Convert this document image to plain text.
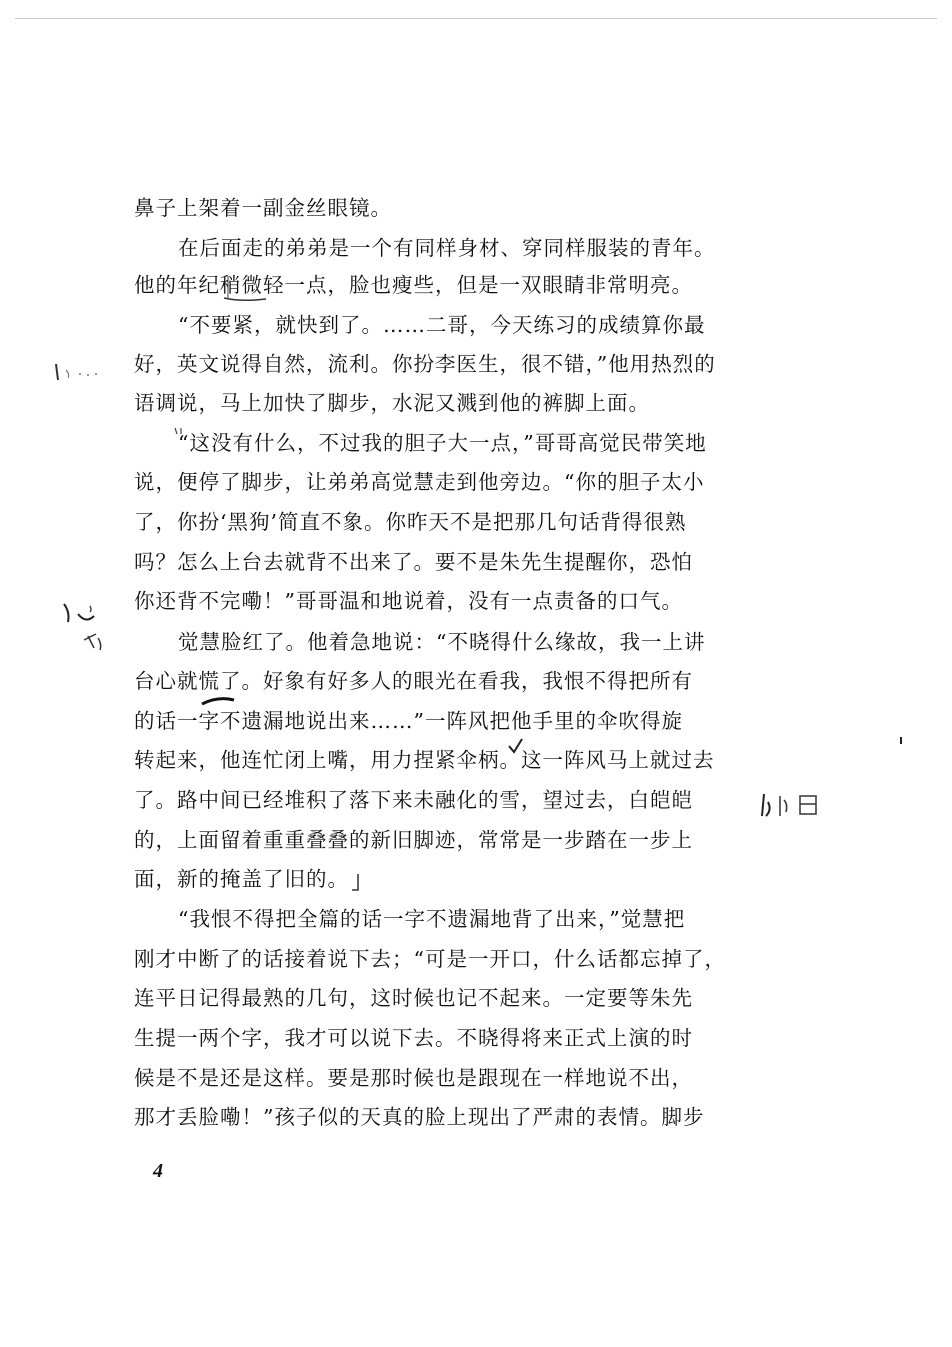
鼻子上架着一副金丝眼镜。
在后面走的弟弟是一个有同样身材、穿同样服装的青年。
他的年纪稍微轻一点，脸也瘦些，但是一双眼睛非常明亮。
“不要紧，就快到了。……二哥，今天练习的成绩算你最
好，英文说得自然，流利。你扮李医生，很不错，”他用热烈的
语调说，马上加快了脚步，水泥又溅到他的裤脚上面。
“这没有什么，不过我的胆子大一点，”哥哥高觉民带笑地
说，便停了脚步，让弟弟高觉慧走到他旁边。“你的胆子太小
了，你扮‘黑狗’简直不象。你昨天不是把那几句话背得很熟
吗？怎么上台去就背不出来了。要不是朱先生提醒你，恐怕
你还背不完嘞！”哥哥温和地说着，没有一点责备的口气。
觉慧脸红了。他着急地说：“不晓得什么缘故，我一上讲
台心就慌了。好象有好多人的眼光在看我，我恨不得把所有
的话一字不遗漏地说出来……”一阵风把他手里的伞吹得旋
转起来，他连忙闭上嘴，用力捏紧伞柄。这一阵风马上就过去
了。路中间已经堆积了落下来未融化的雪，望过去，白皑皑
的，上面留着重重叠叠的新旧脚迹，常常是一步踏在一步上
面，新的掩盖了旧的。
“我恨不得把全篇的话一字不遗漏地背了出来，”觉慧把
刚才中断了的话接着说下去；“可是一开口，什么话都忘掉了，
连平日记得最熟的几句，这时候也记不起来。一定要等朱先
生提一两个字，我才可以说下去。不晓得将来正式上演的时
候是不是还是这样。要是那时候也是跟现在一样地说不出，
那才丢脸嘞！”孩子似的天真的脸上现出了严肃的表情。脚步
4
